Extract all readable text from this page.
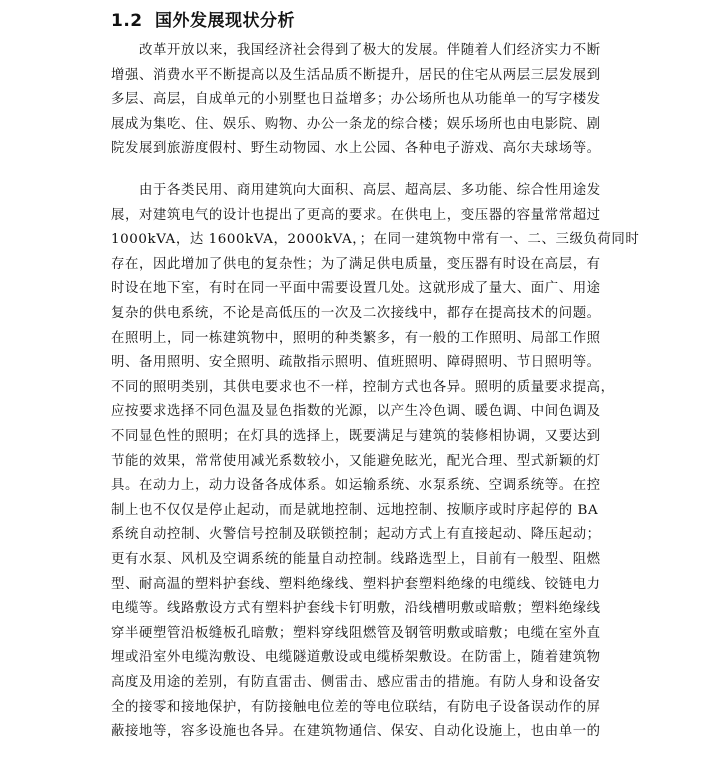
1.2 国外发展现状分析
改革开放以来，我国经济社会得到了极大的发展。伴随着人们经济实力不断
增强、消费水平不断提高以及生活品质不断提升，居民的住宅从两层三层发展到
多层、高层，自成单元的小别墅也日益增多；办公场所也从功能单一的写字楼发
展成为集吃、住、娱乐、购物、办公一条龙的综合楼；娱乐场所也由电影院、剧
院发展到旅游度假村、野生动物园、水上公园、各种电子游戏、高尔夫球场等。
由于各类民用、商用建筑向大面积、高层、超高层、多功能、综合性用途发
展，对建筑电气的设计也提出了更高的要求。在供电上，变压器的容量常常超过
1000kVA，达 1600kVA，2000kVA，；在同一建筑物中常有一、二、三级负荷同时
存在，因此增加了供电的复杂性；为了满足供电质量，变压器有时设在高层，有
时设在地下室，有时在同一平面中需要设置几处。这就形成了量大、面广、用途
复杂的供电系统，不论是高低压的一次及二次接线中，都存在提高技术的问题。
在照明上，同一栋建筑物中，照明的种类繁多，有一般的工作照明、局部工作照
明、备用照明、安全照明、疏散指示照明、值班照明、障碍照明、节日照明等。
不同的照明类别，其供电要求也不一样，控制方式也各异。照明的质量要求提高，
应按要求选择不同色温及显色指数的光源，以产生冷色调、暖色调、中间色调及
不同显色性的照明；在灯具的选择上，既要满足与建筑的装修相协调，又要达到
节能的效果，常常使用减光系数较小，又能避免眩光，配光合理、型式新颖的灯
具。在动力上，动力设备各成体系。如运输系统、水泵系统、空调系统等。在控
制上也不仅仅是停止起动，而是就地控制、远地控制、按顺序或时序起停的 BA
系统自动控制、火警信号控制及联锁控制；起动方式上有直接起动、降压起动；
更有水泵、风机及空调系统的能量自动控制。线路选型上，目前有一般型、阻燃
型、耐高温的塑料护套线、塑料绝缘线、塑料护套塑料绝缘的电缆线、铰链电力
电缆等。线路敷设方式有塑料护套线卡钉明敷，沿线槽明敷或暗敷；塑料绝缘线
穿半硬塑管沿板缝板孔暗敷；塑料穿线阻燃管及钢管明敷或暗敷；电缆在室外直
埋或沿室外电缆沟敷设、电缆隧道敷设或电缆桥架敷设。在防雷上，随着建筑物
高度及用途的差别，有防直雷击、侧雷击、感应雷击的措施。有防人身和设备安
全的接零和接地保护，有防接触电位差的等电位联结，有防电子设备误动作的屏
蔽接地等，容多设施也各异。在建筑物通信、保安、自动化设施上，也由单一的
